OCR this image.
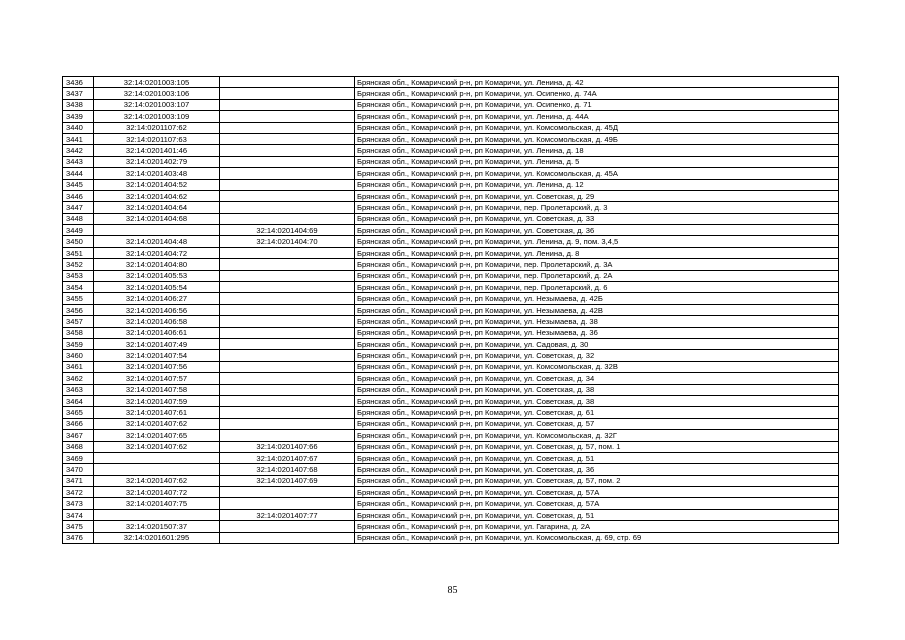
3436	32:14:0201003:105		Брянская обл., Комаричский р-н, рп Комаричи, ул. Ленина, д. 42
3437	32:14:0201003:106		Брянская обл., Комаричский р-н, рп Комаричи, ул. Осипенко, д. 74А
3438	32:14:0201003:107		Брянская обл., Комаричский р-н, рп Комаричи, ул. Осипенко, д. 71
3439	32:14:0201003:109		Брянская обл., Комаричский р-н, рп Комаричи, ул. Ленина, д. 44А
3440	32:14:0201107:62		Брянская обл., Комаричский р-н, рп Комаричи, ул. Комсомольская, д. 45Д
3441	32:14:0201107:63		Брянская обл., Комаричский р-н, рп Комаричи, ул. Комсомольская, д. 49Б
3442	32:14:0201401:46		Брянская обл., Комаричский р-н, рп Комаричи, ул. Ленина, д. 18
3443	32:14:0201402:79		Брянская обл., Комаричский р-н, рп Комаричи, ул. Ленина, д. 5
3444	32:14:0201403:48		Брянская обл., Комаричский р-н, рп Комаричи, ул. Комсомольская, д. 45А
3445	32:14:0201404:52		Брянская обл., Комаричский р-н, рп Комаричи, ул. Ленина, д. 12
3446	32:14:0201404:62		Брянская обл., Комаричский р-н, рп Комаричи, ул. Советская, д. 29
3447	32:14:0201404:64		Брянская обл., Комаричский р-н, рп Комаричи, пер. Пролетарский, д. 3
3448	32:14:0201404:68		Брянская обл., Комаричский р-н, рп Комаричи, ул. Советская, д. 33
3449		32:14:0201404:69	Брянская обл., Комаричский р-н, рп Комаричи, ул. Советская, д. 36
3450	32:14:0201404:48	32:14:0201404:70	Брянская обл., Комаричский р-н, рп Комаричи, ул. Ленина, д. 9, пом. 3,4,5
3451	32:14:0201404:72		Брянская обл., Комаричский р-н, рп Комаричи, ул. Ленина, д. 8
3452	32:14:0201404:80		Брянская обл., Комаричский р-н, рп Комаричи, пер. Пролетарский, д. 3А
3453	32:14:0201405:53		Брянская обл., Комаричский р-н, рп Комаричи, пер. Пролетарский, д. 2А
3454	32:14:0201405:54		Брянская обл., Комаричский р-н, рп Комаричи, пер. Пролетарский, д. 6
3455	32:14:0201406:27		Брянская обл., Комаричский р-н, рп Комаричи, ул. Незымаева, д. 42Б
3456	32:14:0201406:56		Брянская обл., Комаричский р-н, рп Комаричи, ул. Незымаева, д. 42В
3457	32:14:0201406:58		Брянская обл., Комаричский р-н, рп Комаричи, ул. Незымаева, д. 38
3458	32:14:0201406:61		Брянская обл., Комаричский р-н, рп Комаричи, ул. Незымаева, д. 36
3459	32:14:0201407:49		Брянская обл., Комаричский р-н, рп Комаричи, ул. Садовая, д. 30
3460	32:14:0201407:54		Брянская обл., Комаричский р-н, рп Комаричи, ул. Советская, д. 32
3461	32:14:0201407:56		Брянская обл., Комаричский р-н, рп Комаричи, ул. Комсомольская, д. 32В
3462	32:14:0201407:57		Брянская обл., Комаричский р-н, рп Комаричи, ул. Советская, д. 34
3463	32:14:0201407:58		Брянская обл., Комаричский р-н, рп Комаричи, ул. Советская, д. 38
3464	32:14:0201407:59		Брянская обл., Комаричский р-н, рп Комаричи, ул. Советская, д. 38
3465	32:14:0201407:61		Брянская обл., Комаричский р-н, рп Комаричи, ул. Советская, д. 61
3466	32:14:0201407:62		Брянская обл., Комаричский р-н, рп Комаричи, ул. Советская, д. 57
3467	32:14:0201407:65		Брянская обл., Комаричский р-н, рп Комаричи, ул. Комсомольская, д. 32Г
3468	32:14:0201407:62	32:14:0201407:66	Брянская обл., Комаричский р-н, рп Комаричи, ул. Советская, д. 57, пом. 1
3469		32:14:0201407:67	Брянская обл., Комаричский р-н, рп Комаричи, ул. Советская, д. 51
3470		32:14:0201407:68	Брянская обл., Комаричский р-н, рп Комаричи, ул. Советская, д. 36
3471	32:14:0201407:62	32:14:0201407:69	Брянская обл., Комаричский р-н, рп Комаричи, ул. Советская, д. 57, пом. 2
3472	32:14:0201407:72		Брянская обл., Комаричский р-н, рп Комаричи, ул. Советская, д. 57А
3473	32:14:0201407:75		Брянская обл., Комаричский р-н, рп Комаричи, ул. Советская, д. 57А
3474		32:14:0201407:77	Брянская обл., Комаричский р-н, рп Комаричи, ул. Советская, д. 51
3475	32:14:0201507:37		Брянская обл., Комаричский р-н, рп Комаричи, ул. Гагарина, д. 2А
3476	32:14:0201601:295		Брянская обл., Комаричский р-н, рп Комаричи, ул. Комсомольская, д. 69, стр. 69
85
